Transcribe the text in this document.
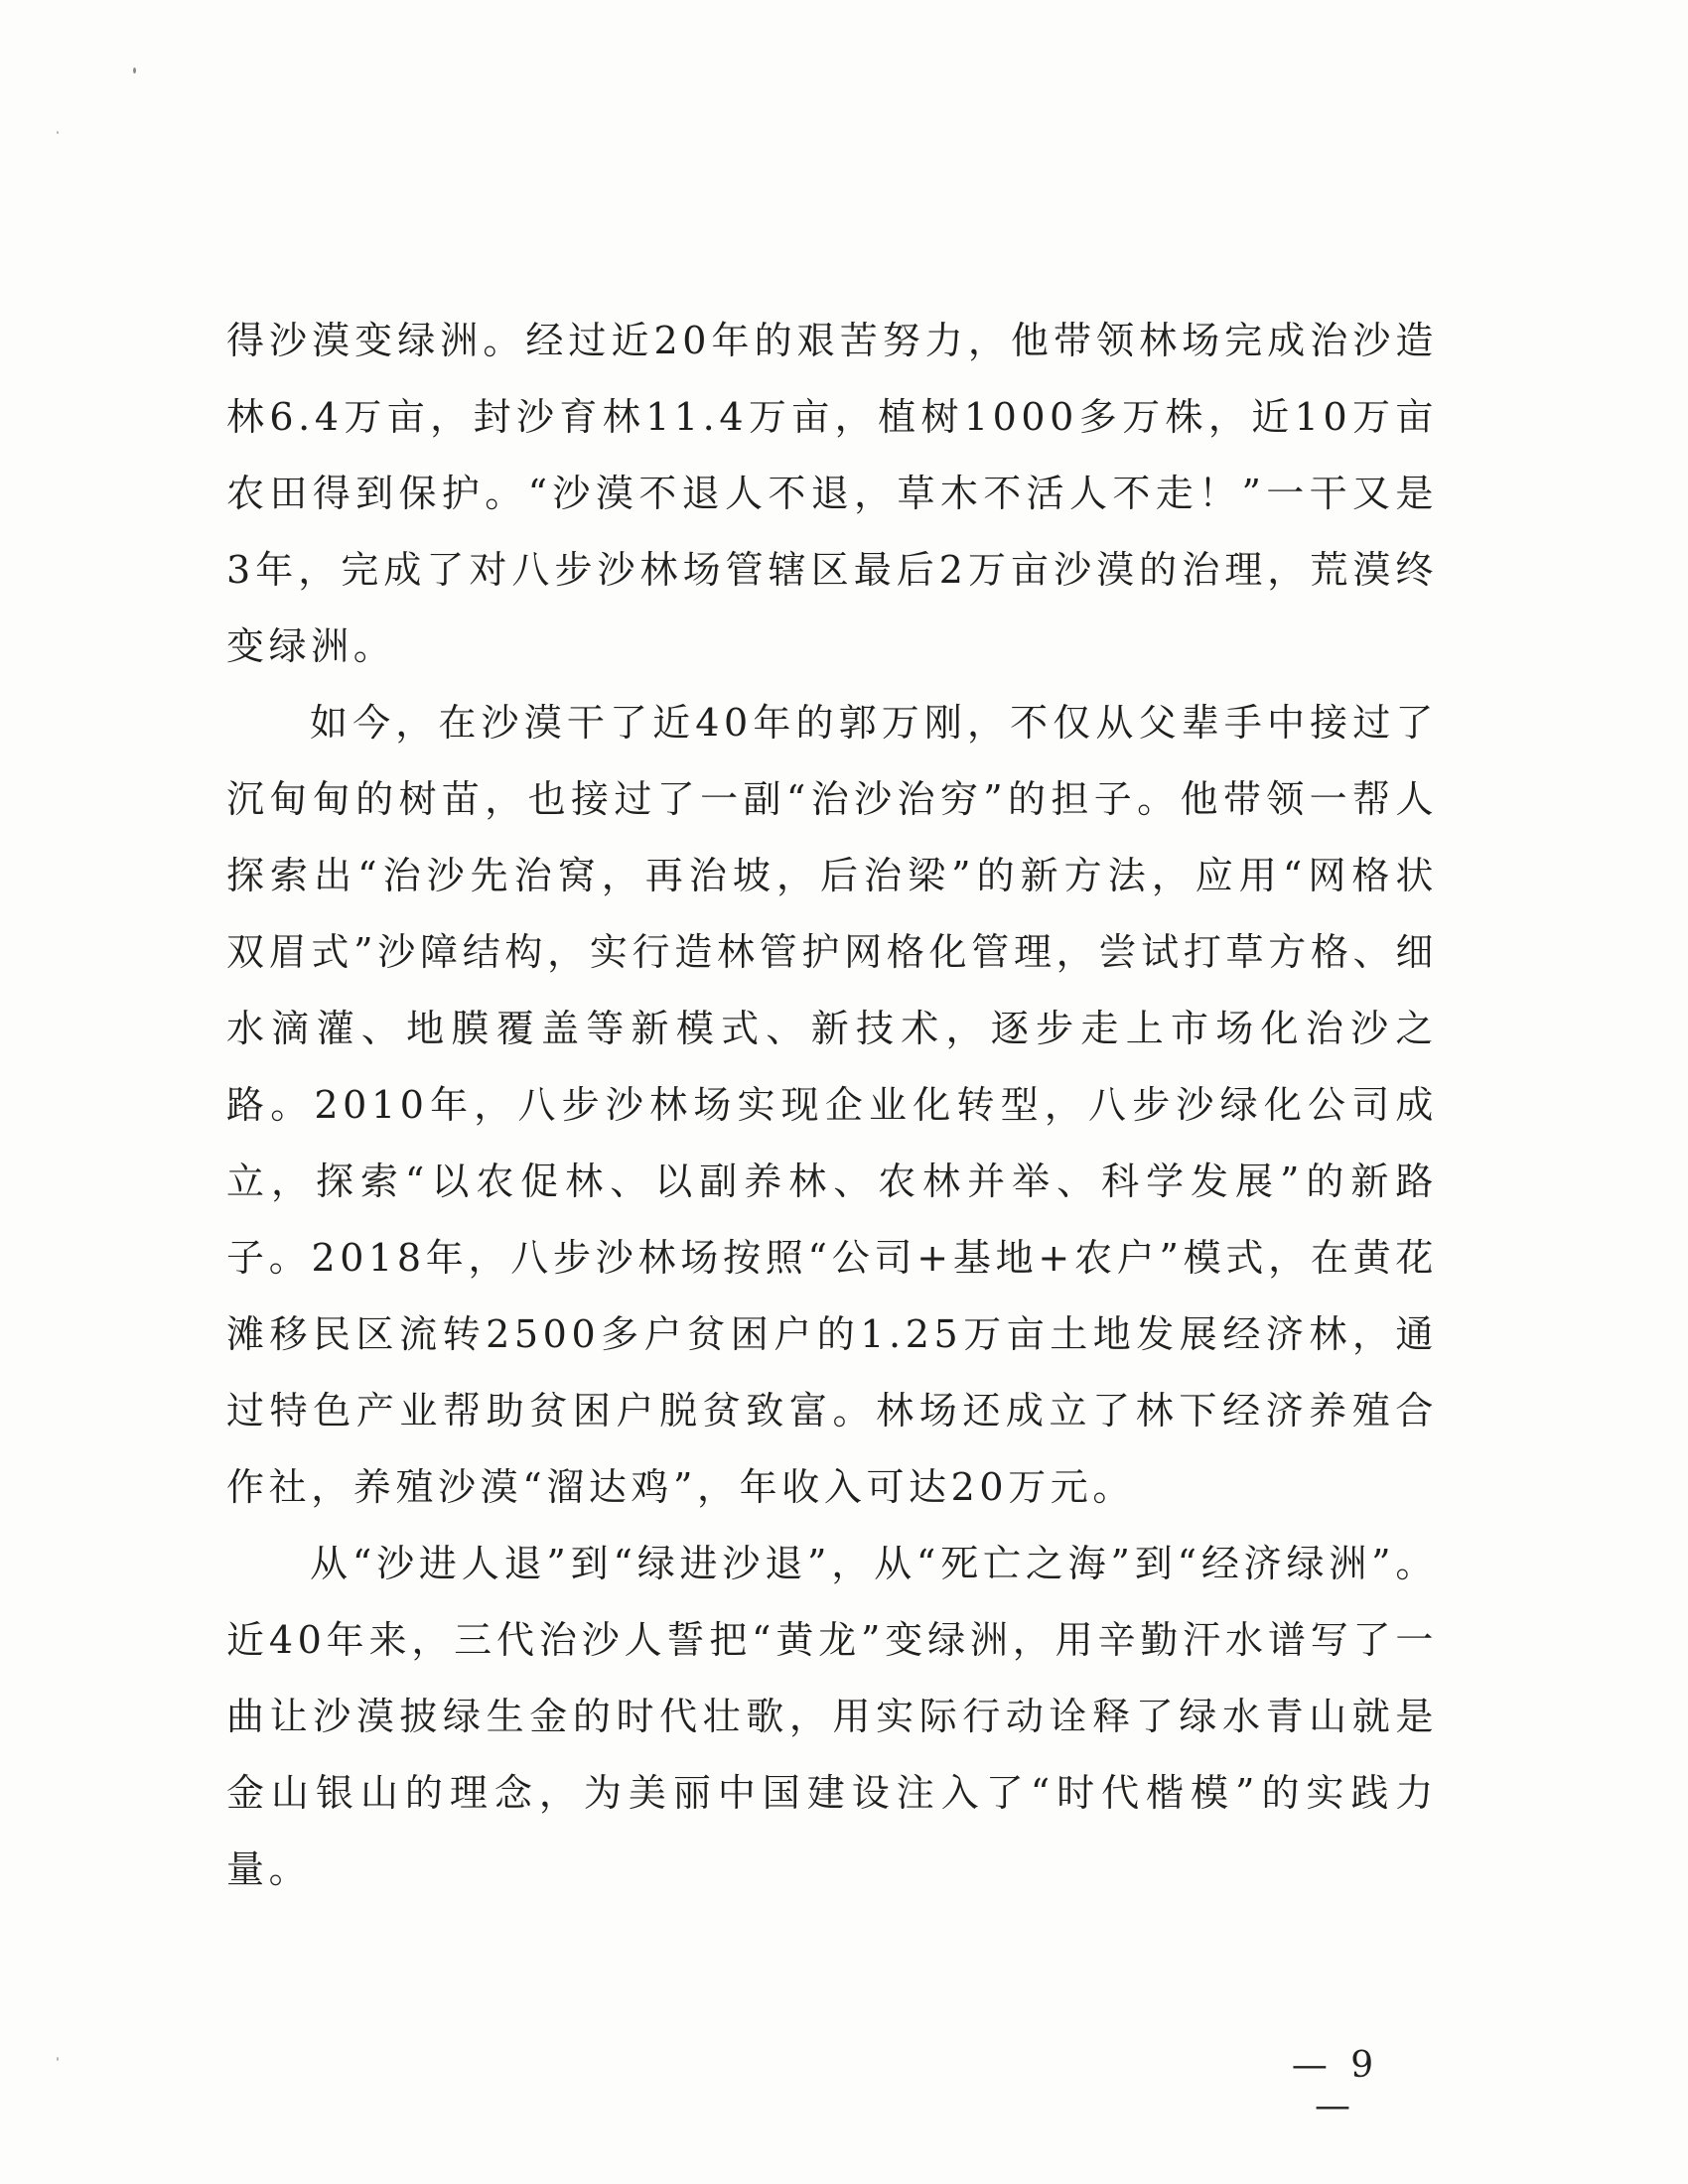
得沙漠变绿洲。经过近20年的艰苦努力，他带领林场完成治沙造林6.4万亩，封沙育林11.4万亩，植树1000多万株，近10万亩农田得到保护。“沙漠不退人不退，草木不活人不走！”一干又是3年，完成了对八步沙林场管辖区最后2万亩沙漠的治理，荒漠终变绿洲。

如今，在沙漠干了近40年的郭万刚，不仅从父辈手中接过了沉甸甸的树苗，也接过了一副“治沙治穷”的担子。他带领一帮人探索出“治沙先治窝，再治坡，后治梁”的新方法，应用“网格状双眉式”沙障结构，实行造林管护网格化管理，尝试打草方格、细水滴灌、地膜覆盖等新模式、新技术，逐步走上市场化治沙之路。2010年，八步沙林场实现企业化转型，八步沙绿化公司成立，探索“以农促林、以副养林、农林并举、科学发展”的新路子。2018年，八步沙林场按照“公司+基地+农户”模式，在黄花滩移民区流转2500多户贫困户的1.25万亩土地发展经济林，通过特色产业帮助贫困户脱贫致富。林场还成立了林下经济养殖合作社，养殖沙漠“溜达鸡”，年收入可达20万元。

从“沙进人退”到“绿进沙退”，从“死亡之海”到“经济绿洲”。近40年来，三代治沙人誓把“黄龙”变绿洲，用辛勤汗水谱写了一曲让沙漠披绿生金的时代壮歌，用实际行动诠释了绿水青山就是金山银山的理念，为美丽中国建设注入了“时代楷模”的实践力量。

— 9 —
